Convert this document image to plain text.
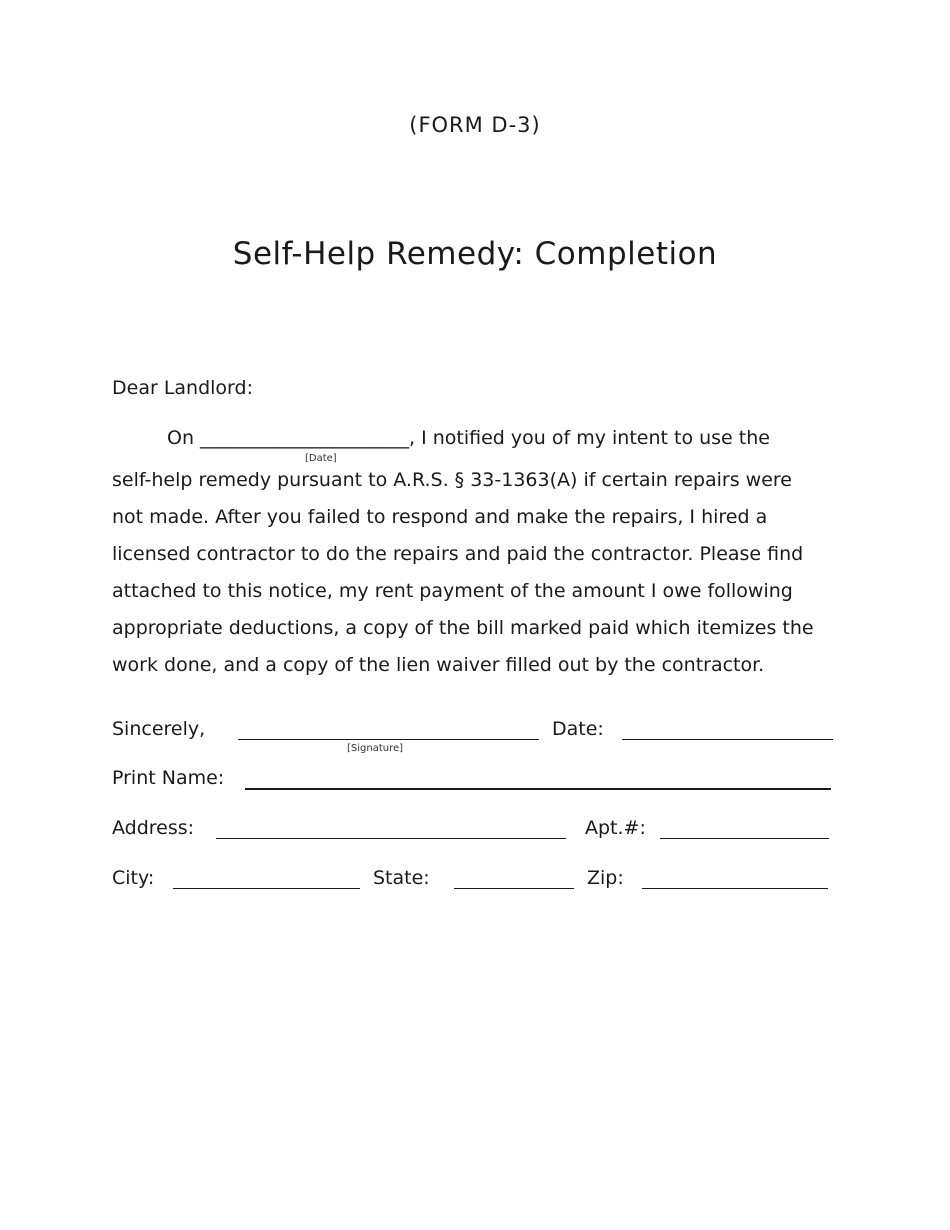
(FORM D-3)
Self-Help Remedy: Completion
Dear Landlord:
On ______________________, I notified you of my intent to use the
[Date]
self-help remedy pursuant to A.R.S. § 33-1363(A) if certain repairs were
not made. After you failed to respond and make the repairs, I hired a
licensed contractor to do the repairs and paid the contractor. Please find
attached to this notice, my rent payment of the amount I owe following
appropriate deductions, a copy of the bill marked paid which itemizes the
work done, and a copy of the lien waiver filled out by the contractor.
Sincerely,
[Signature]
Date:
Print Name:
Address:	Apt.#:
City:	State:	Zip:
